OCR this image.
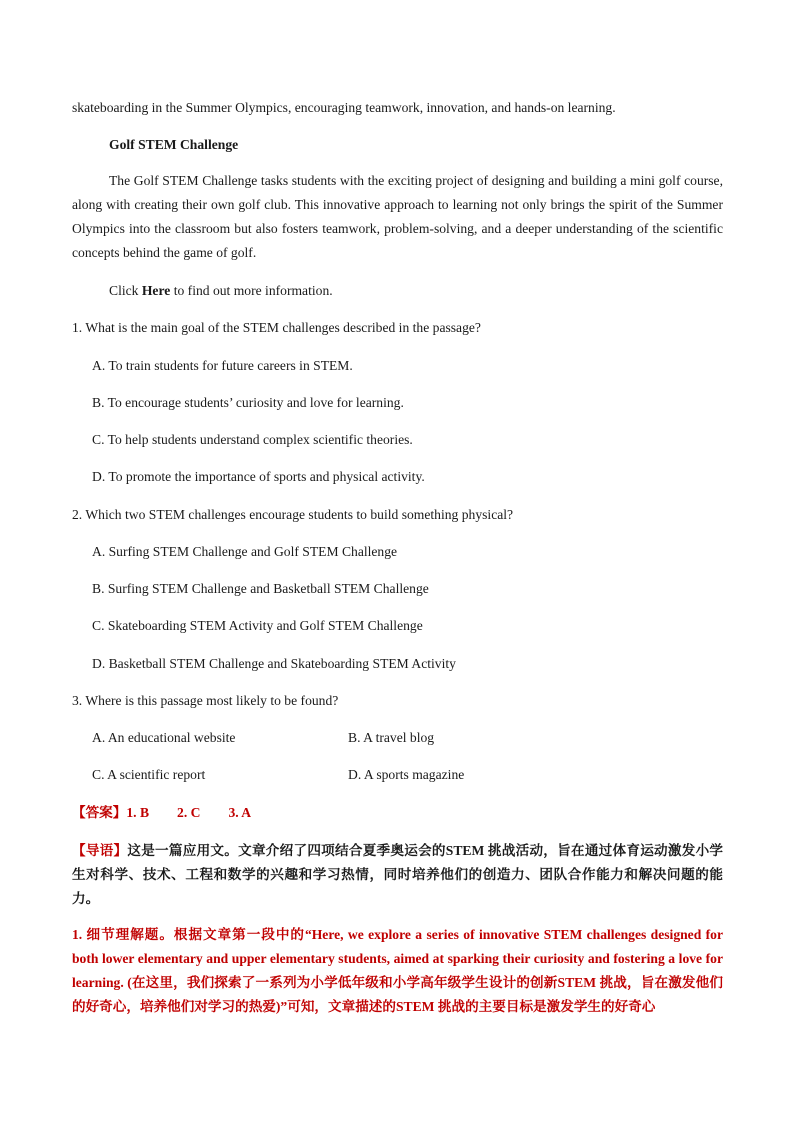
skateboarding in the Summer Olympics, encouraging teamwork, innovation, and hands-on learning.
Golf STEM Challenge
The Golf STEM Challenge tasks students with the exciting project of designing and building a mini golf course, along with creating their own golf club. This innovative approach to learning not only brings the spirit of the Summer Olympics into the classroom but also fosters teamwork, problem-solving, and a deeper understanding of the scientific concepts behind the game of golf.
Click Here to find out more information.
1. What is the main goal of the STEM challenges described in the passage?
A. To train students for future careers in STEM.
B. To encourage students’ curiosity and love for learning.
C. To help students understand complex scientific theories.
D. To promote the importance of sports and physical activity.
2. Which two STEM challenges encourage students to build something physical?
A. Surfing STEM Challenge and Golf STEM Challenge
B. Surfing STEM Challenge and Basketball STEM Challenge
C. Skateboarding STEM Activity and Golf STEM Challenge
D. Basketball STEM Challenge and Skateboarding STEM Activity
3. Where is this passage most likely to be found?
A. An educational website	B. A travel blog
C. A scientific report	D. A sports magazine
【答案】1. B 2. C 3. A
【导语】这是一篇应用文。文章介绍了四项结合夏季奥运会的STEM 挑战活动，旨在通过体育运动激发小学生对科学、技术、工程和数学的兴趣和学习热情，同时培养他们的创造力、团队合作能力和解决问题的能力。
1. 细节理解题。根据文章第一段中的“Here, we explore a series of innovative STEM challenges designed for both lower elementary and upper elementary students, aimed at sparking their curiosity and fostering a love for learning. (在这里，我们探索了一系列为小学低年级和小学高年级学生设计的创新STEM 挑战，旨在激发他们的好奇心，培养他们对学习的热爱)”可知，文章描述的STEM 挑战的主要目标是激发学生的好奇心
